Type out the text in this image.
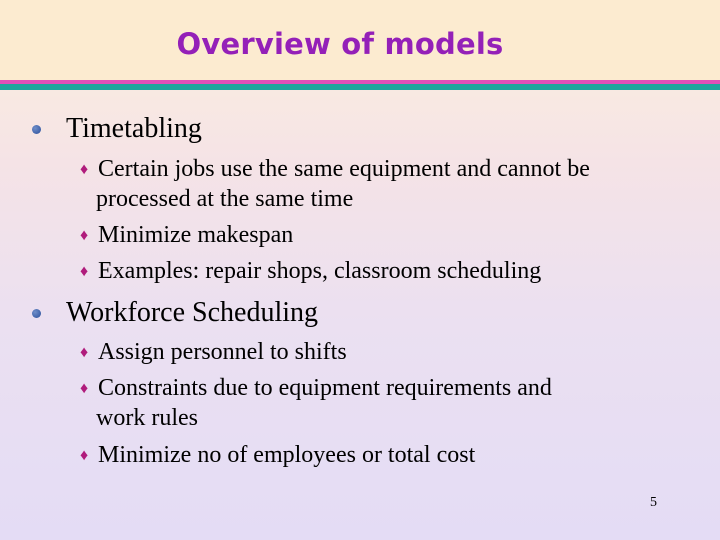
Overview of models
Timetabling
♦ Certain jobs use the same equipment and cannot be
processed at the same time
♦ Minimize makespan
♦ Examples: repair shops, classroom scheduling
Workforce Scheduling
♦ Assign personnel to shifts
♦ Constraints due to equipment requirements and
work rules
♦ Minimize no of employees or total cost
5
